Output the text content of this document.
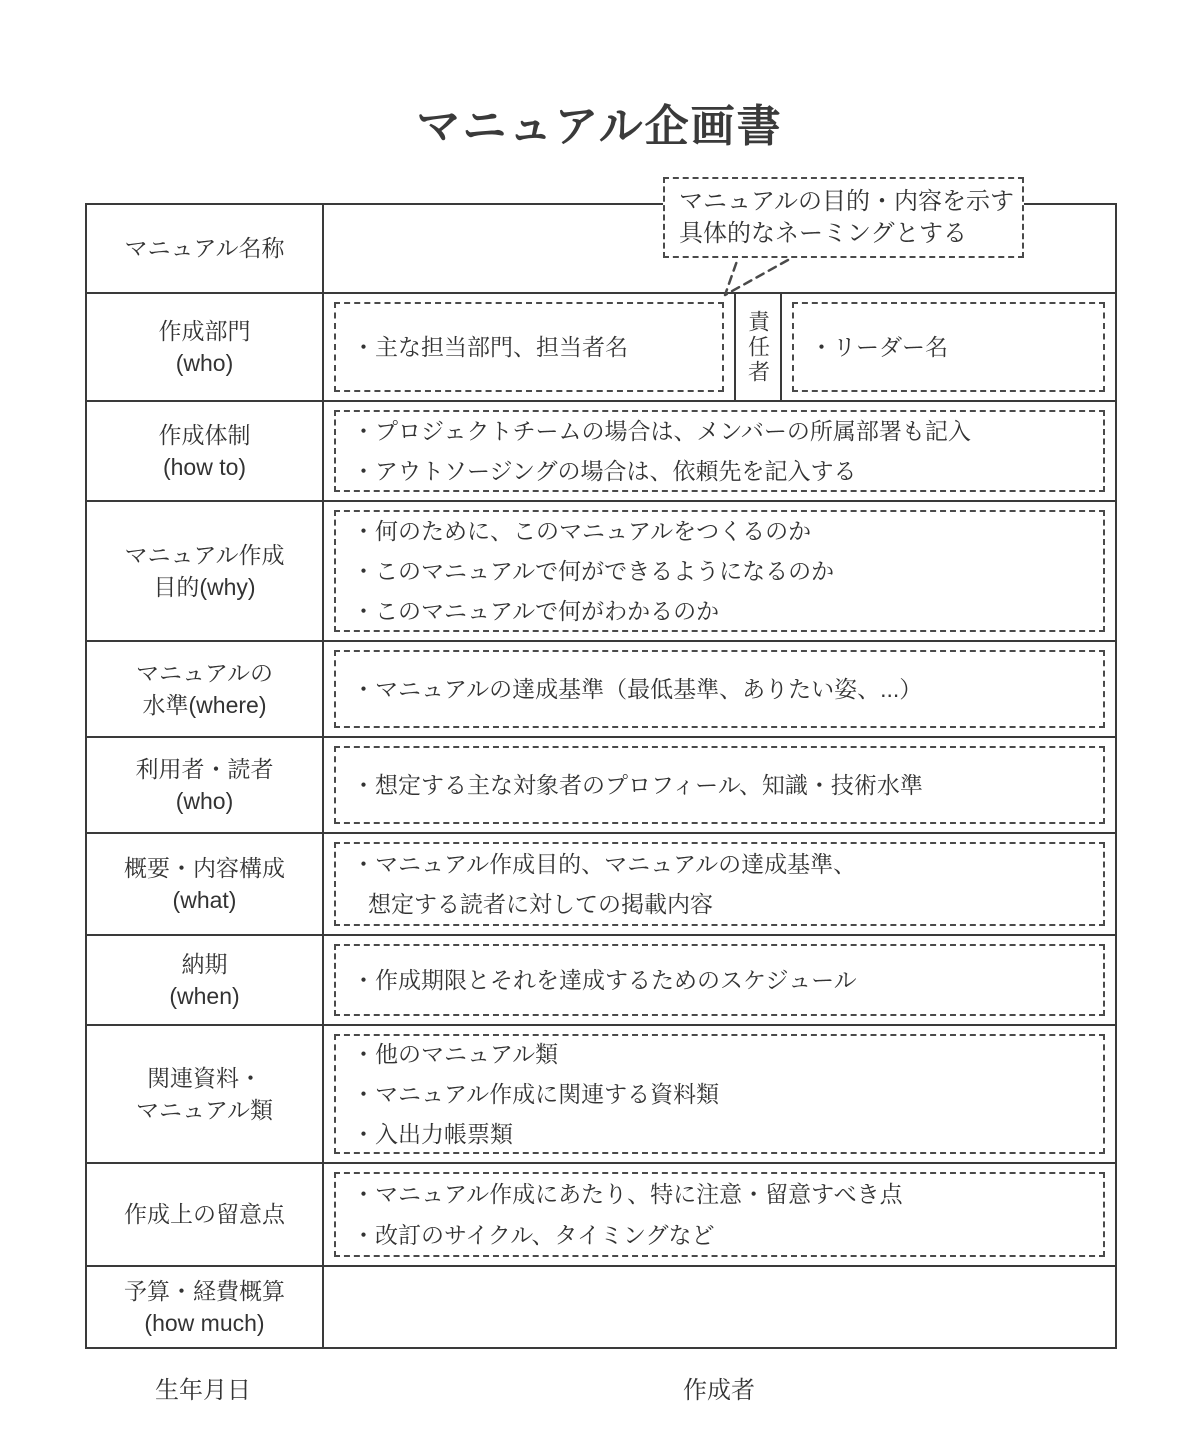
マニュアル企画書
マニュアル名称
作成部門
(who)
・主な担当部門、担当者名	責任者 ・リーダー名
作成体制
(how to)
・プロジェクトチームの場合は、メンバーの所属部署も記入
・アウトソージングの場合は、依頼先を記入する
マニュアル作成
目的(why)
・何のために、このマニュアルをつくるのか
・このマニュアルで何ができるようになるのか
・このマニュアルで何がわかるのか
マニュアルの
水準(where)
・マニュアルの達成基準（最低基準、ありたい姿、...）
利用者・読者
(who)
・想定する主な対象者のプロフィール、知識・技術水準
概要・内容構成
(what)
・マニュアル作成目的、マニュアルの達成基準、
想定する読者に対しての掲載内容
納期
(when)
・作成期限とそれを達成するためのスケジュール
関連資料・
マニュアル類
・他のマニュアル類
・マニュアル作成に関連する資料類
・入出力帳票類
作成上の留意点
・マニュアル作成にあたり、特に注意・留意すべき点
・改訂のサイクル、タイミングなど
予算・経費概算
(how much)
マニュアルの目的・内容を示す
具体的なネーミングとする
生年月日	作成者
